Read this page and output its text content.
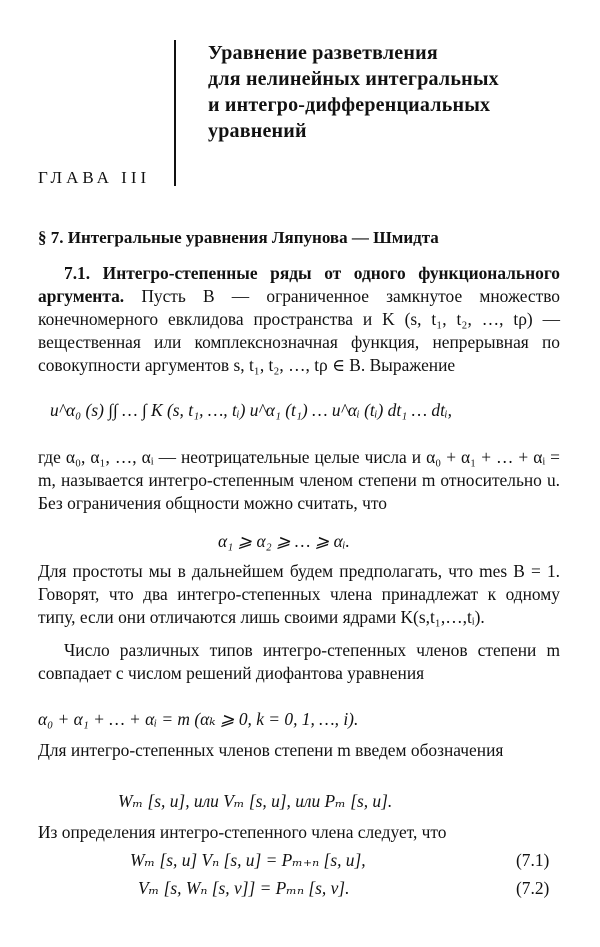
Уравнение разветвления
для нелинейных интегральных
и интегро-дифференциальных
уравнений
ГЛАВА III
§ 7. Интегральные уравнения Ляпунова — Шмидта
7.1. Интегро-степенные ряды от одного функционального аргумента. Пусть B — ограниченное замкнутое множество конечномерного евклидова пространства и K (s, t₁, t₂, …, tρ) — вещественная или комплекснозначная функция, непрерывная по совокупности аргументов s, t₁, t₂, …, tρ ∈ B. Выражение
u^α₀ (s) ∫∫ … ∫ K (s, t₁, …, tᵢ) u^α₁ (t₁) … u^αᵢ (tᵢ) dt₁ … dtᵢ,
где α₀, α₁, …, αᵢ — неотрицательные целые числа и α₀ + α₁ + … + αᵢ = m, называется интегро-степенным членом степени m относительно u. Без ограничения общности можно считать, что
α₁ ⩾ α₂ ⩾ … ⩾ αᵢ.
Для простоты мы в дальнейшем будем предполагать, что mes B = 1. Говорят, что два интегро-степенных члена принадлежат к одному типу, если они отличаются лишь своими ядрами K(s,t₁,…,tᵢ).
Число различных типов интегро-степенных членов степени m совпадает с числом решений диофантова уравнения
α₀ + α₁ + … + αᵢ = m (αₖ ⩾ 0, k = 0, 1, …, i).
Для интегро-степенных членов степени m введем обозначения
Wₘ [s, u], или Vₘ [s, u], или Pₘ [s, u].
Из определения интегро-степенного члена следует, что
Wₘ [s, u] Vₙ [s, u] = Pₘ₊ₙ [s, u],	(7.1)
Vₘ [s, Wₙ [s, v]] = Pₘₙ [s, v].	(7.2)
